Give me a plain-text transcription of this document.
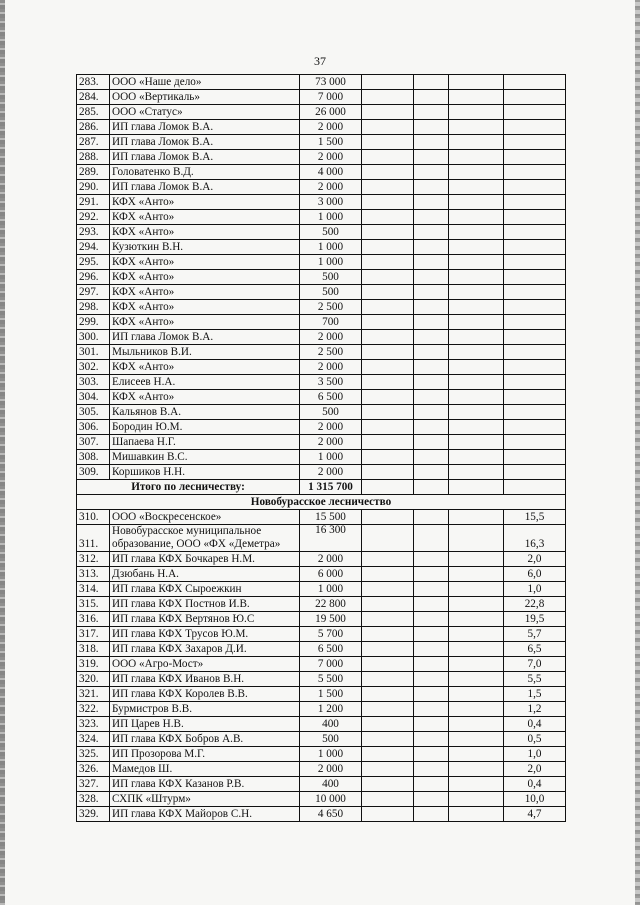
37
283.	ООО «Наше дело»	73 000				
284.	ООО «Вертикаль»	7 000				
285.	ООО «Статус»	26 000				
286.	ИП глава Ломок В.А.	2 000				
287.	ИП глава Ломок В.А.	1 500				
288.	ИП глава Ломок В.А.	2 000				
289.	Головатенко В.Д.	4 000				
290.	ИП глава Ломок В.А.	2 000				
291.	КФХ «Анто»	3 000				
292.	КФХ «Анто»	1 000				
293.	КФХ «Анто»	500				
294.	Кузюткин В.Н.	1 000				
295.	КФХ «Анто»	1 000				
296.	КФХ «Анто»	500				
297.	КФХ «Анто»	500				
298.	КФХ «Анто»	2 500				
299.	КФХ «Анто»	700				
300.	ИП глава Ломок В.А.	2 000				
301.	Мыльников В.И.	2 500				
302.	КФХ «Анто»	2 000				
303.	Елисеев Н.А.	3 500				
304.	КФХ «Анто»	6 500				
305.	Кальянов В.А.	500				
306.	Бородин Ю.М.	2 000				
307.	Шапаева Н.Г.	2 000				
308.	Мишавкин В.С.	1 000				
309.	Коршиков Н.Н.	2 000				
Итого по лесничеству:		1 315 700				
Новобурасское лесничество						
310.	ООО «Воскресенское»	15 500				15,5
311.	Новобурасское муниципальное образование, ООО «ФХ «Деметра»	16 300				16,3
312.	ИП глава КФХ Бочкарев Н.М.	2 000				2,0
313.	Дзюбань Н.А.	6 000				6,0
314.	ИП глава КФХ Сыроежкин	1 000				1,0
315.	ИП глава КФХ Постнов И.В.	22 800				22,8
316.	ИП глава КФХ Вертянов Ю.С	19 500				19,5
317.	ИП глава КФХ Трусов Ю.М.	5 700				5,7
318.	ИП глава КФХ Захаров Д.И.	6 500				6,5
319.	ООО «Агро-Мост»	7 000				7,0
320.	ИП глава КФХ Иванов В.Н.	5 500				5,5
321.	ИП глава КФХ Королев В.В.	1 500				1,5
322.	Бурмистров В.В.	1 200				1,2
323.	ИП Царев Н.В.	400				0,4
324.	ИП глава КФХ Бобров А.В.	500				0,5
325.	ИП Прозорова М.Г.	1 000				1,0
326.	Мамедов Ш.	2 000				2,0
327.	ИП глава КФХ Казанов Р.В.	400				0,4
328.	СХПК «Штурм»	10 000				10,0
329.	ИП глава КФХ Майоров С.Н.	4 650				4,7
